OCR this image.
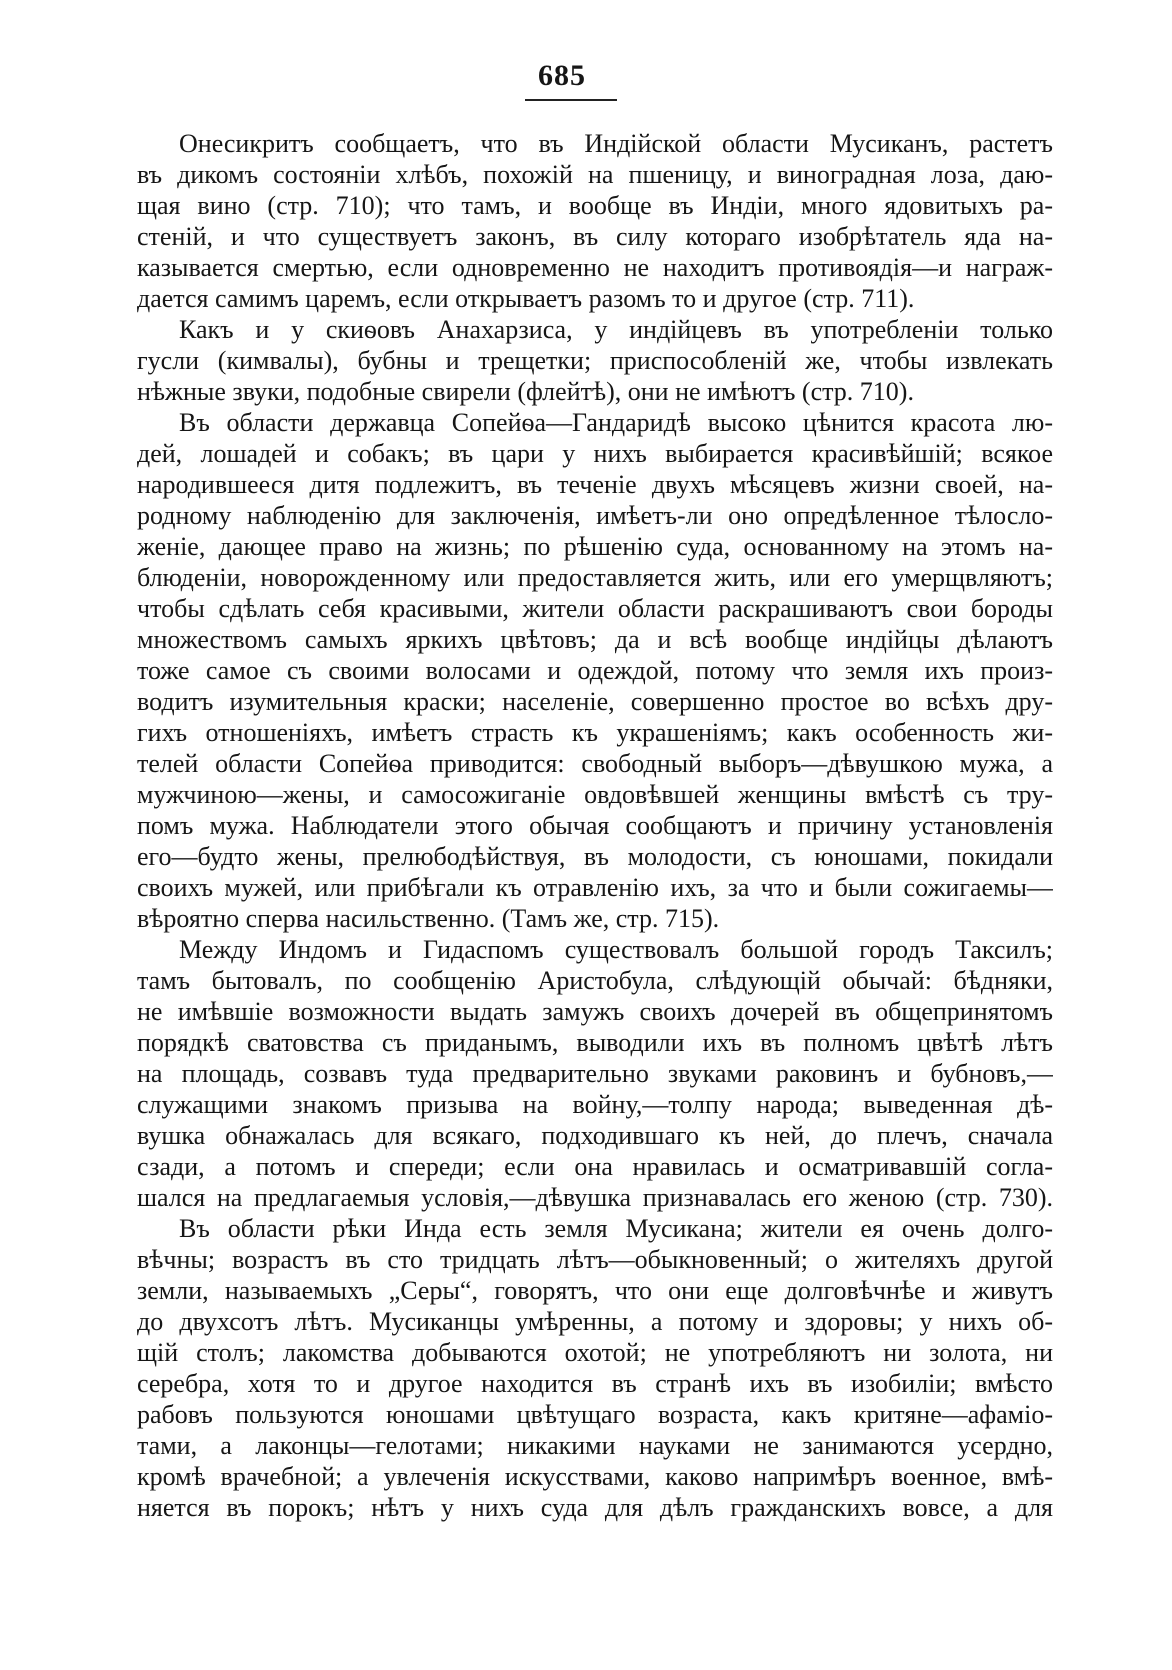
685
Онесикритъ сообщаетъ, что въ Индійской области Мусиканъ, растетъ
въ дикомъ состояніи хлѣбъ, похожій на пшеницу, и виноградная лоза, даю-
щая вино (стр. 710); что тамъ, и вообще въ Индіи, много ядовитыхъ ра-
стеній, и что существуетъ законъ, въ силу котораго изобрѣтатель яда на-
казывается смертью, если одновременно не находитъ противоядія—и награж-
дается самимъ царемъ, если открываетъ разомъ то и другое (стр. 711).
Какъ и у скиѳовъ Анахарзиса, у индійцевъ въ употребленіи только
гусли (кимвалы), бубны и трещетки; приспособленій же, чтобы извлекать
нѣжные звуки, подобные свирели (флейтѣ), они не имѣютъ (стр. 710).
Въ области державца Сопейѳа—Гандаридѣ высоко цѣнится красота лю-
дей, лошадей и собакъ; въ цари у нихъ выбирается красивѣйшій; всякое
народившееся дитя подлежитъ, въ теченіе двухъ мѣсяцевъ жизни своей, на-
родному наблюденію для заключенія, имѣетъ-ли оно опредѣленное тѣлосло-
женіе, дающее право на жизнь; по рѣшенію суда, основанному на этомъ на-
блюденіи, новорожденному или предоставляется жить, или его умерщвляютъ;
чтобы сдѣлать себя красивыми, жители области раскрашиваютъ свои бороды
множествомъ самыхъ яркихъ цвѣтовъ; да и всѣ вообще индійцы дѣлаютъ
тоже самое съ своими волосами и одеждой, потому что земля ихъ произ-
водитъ изумительныя краски; населеніе, совершенно простое во всѣхъ дру-
гихъ отношеніяхъ, имѣетъ страсть къ украшеніямъ; какъ особенность жи-
телей области Сопейѳа приводится: свободный выборъ—дѣвушкою мужа, а
мужчиною—жены, и самосожиганіе овдовѣвшей женщины вмѣстѣ съ тру-
помъ мужа. Наблюдатели этого обычая сообщаютъ и причину установленія
его—будто жены, прелюбодѣйствуя, въ молодости, съ юношами, покидали
своихъ мужей, или прибѣгали къ отравленію ихъ, за что и были сожигаемы—
вѣроятно сперва насильственно. (Тамъ же, стр. 715).
Между Индомъ и Гидаспомъ существовалъ большой городъ Таксилъ;
тамъ бытовалъ, по сообщенію Аристобула, слѣдующій обычай: бѣдняки,
не имѣвшіе возможности выдать замужъ своихъ дочерей въ общепринятомъ
порядкѣ сватовства съ приданымъ, выводили ихъ въ полномъ цвѣтѣ лѣтъ
на площадь, созвавъ туда предварительно звуками раковинъ и бубновъ,—
служащими знакомъ призыва на войну,—толпу народа; выведенная дѣ-
вушка обнажалась для всякаго, подходившаго къ ней, до плечъ, сначала
сзади, а потомъ и спереди; если она нравилась и осматривавшій согла-
шался на предлагаемыя условія,—дѣвушка признавалась его женою (стр. 730).
Въ области рѣки Инда есть земля Мусикана; жители ея очень долго-
вѣчны; возрастъ въ сто тридцать лѣтъ—обыкновенный; о жителяхъ другой
земли, называемыхъ „Серы“, говорятъ, что они еще долговѣчнѣе и живутъ
до двухсотъ лѣтъ. Мусиканцы умѣренны, а потому и здоровы; у нихъ об-
щій столъ; лакомства добываются охотой; не употребляютъ ни золота, ни
серебра, хотя то и другое находится въ странѣ ихъ въ изобиліи; вмѣсто
рабовъ пользуются юношами цвѣтущаго возраста, какъ критяне—афаміо-
тами, а лаконцы—гелотами; никакими науками не занимаются усердно,
кромѣ врачебной; а увлеченія искусствами, каково напримѣръ военное, вмѣ-
няется въ порокъ; нѣтъ у нихъ суда для дѣлъ гражданскихъ вовсе, а для
